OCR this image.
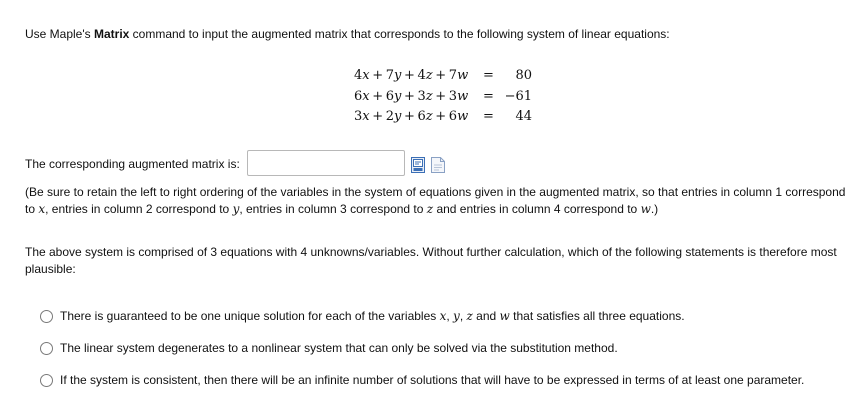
Use Maple's Matrix command to input the augmented matrix that corresponds to the following system of linear equations:
4x  +  7y  +  4z  +  7w = 80
6x  +  6y  +  3z  +  3w = −61
3x  +  2y  +  6z  +  6w = 44
The corresponding augmented matrix is:
(Be sure to retain the left to right ordering of the variables in the system of equations given in the augmented matrix, so that entries in column 1 correspond to x, entries in column 2 correspond to y, entries in column 3 correspond to z and entries in column 4 correspond to w.)
The above system is comprised of 3 equations with 4 unknowns/variables. Without further calculation, which of the following statements is therefore most plausible:
There is guaranteed to be one unique solution for each of the variables x, y, z and w that satisfies all three equations.
The linear system degenerates to a nonlinear system that can only be solved via the substitution method.
If the system is consistent, then there will be an infinite number of solutions that will have to be expressed in terms of at least one parameter.
